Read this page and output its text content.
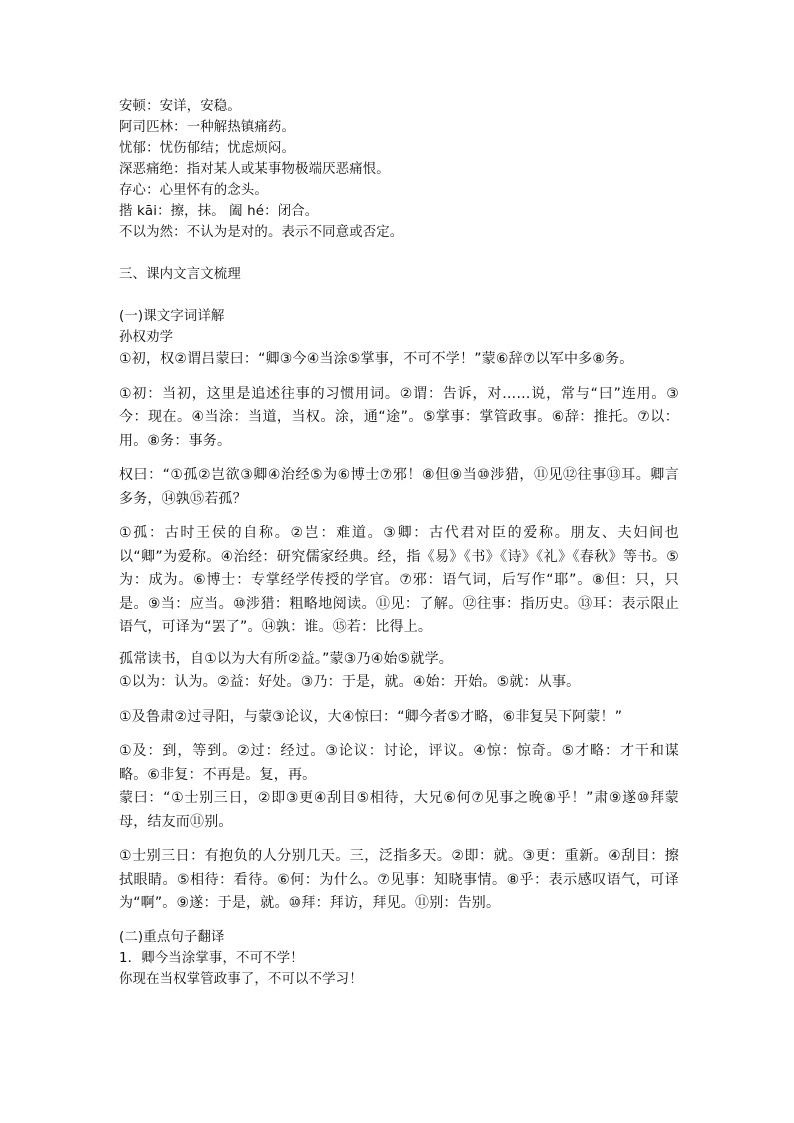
安顿：安详，安稳。

阿司匹林：一种解热镇痛药。

忧郁：忧伤郁结；忧虑烦闷。

深恶痛绝：指对某人或某事物极端厌恶痛恨。

存心：心里怀有的念头。

揩 kāi：擦，抹。 阖 hé：闭合。

不以为然：不认为是对的。表示不同意或否定。

三、课内文言文梳理

(一)课文字词详解

孙权劝学

①初，权②谓吕蒙曰：“卿③今④当涂⑤掌事，不可不学！”蒙⑥辞⑦以军中多⑧务。

①初：当初，这里是追述往事的习惯用词。②谓：告诉，对……说，常与“曰”连用。③今：现在。④当涂：当道，当权。涂，通“途”。⑤掌事：掌管政事。⑥辞：推托。⑦以：用。⑧务：事务。

权曰：“①孤②岂欲③卿④治经⑤为⑥博士⑦邪！⑧但⑨当⑩涉猎，⑪见⑫往事⑬耳。卿言多务，⑭孰⑮若孤？

①孤：古时王侯的自称。②岂：难道。③卿：古代君对臣的爱称。朋友、夫妇间也以“卿”为爱称。④治经：研究儒家经典。经，指《易》《书》《诗》《礼》《春秋》等书。⑤为：成为。⑥博士：专掌经学传授的学官。⑦邪：语气词，后写作“耶”。⑧但：只，只是。⑨当：应当。⑩涉猎：粗略地阅读。⑪见：了解。⑫往事：指历史。⑬耳：表示限止语气，可译为“罢了”。⑭孰：谁。⑮若：比得上。

孤常读书，自①以为大有所②益。”蒙③乃④始⑤就学。

①以为：认为。②益：好处。③乃：于是，就。④始：开始。⑤就：从事。

①及鲁肃②过寻阳，与蒙③论议，大④惊曰：“卿今者⑤才略，⑥非复吴下阿蒙！”

①及：到，等到。②过：经过。③论议：讨论，评议。④惊：惊奇。⑤才略：才干和谋略。⑥非复：不再是。复，再。

蒙曰：“①士别三日，②即③更④刮目⑤相待，大兄⑥何⑦见事之晚⑧乎！”肃⑨遂⑩拜蒙母，结友而⑪别。

①士别三日：有抱负的人分别几天。三，泛指多天。②即：就。③更：重新。④刮目：擦拭眼睛。⑤相待：看待。⑥何：为什么。⑦见事：知晓事情。⑧乎：表示感叹语气，可译为“啊”。⑨遂：于是，就。⑩拜：拜访，拜见。⑪别：告别。

(二)重点句子翻译

1．卿今当涂掌事，不可不学！

你现在当权掌管政事了，不可以不学习！
